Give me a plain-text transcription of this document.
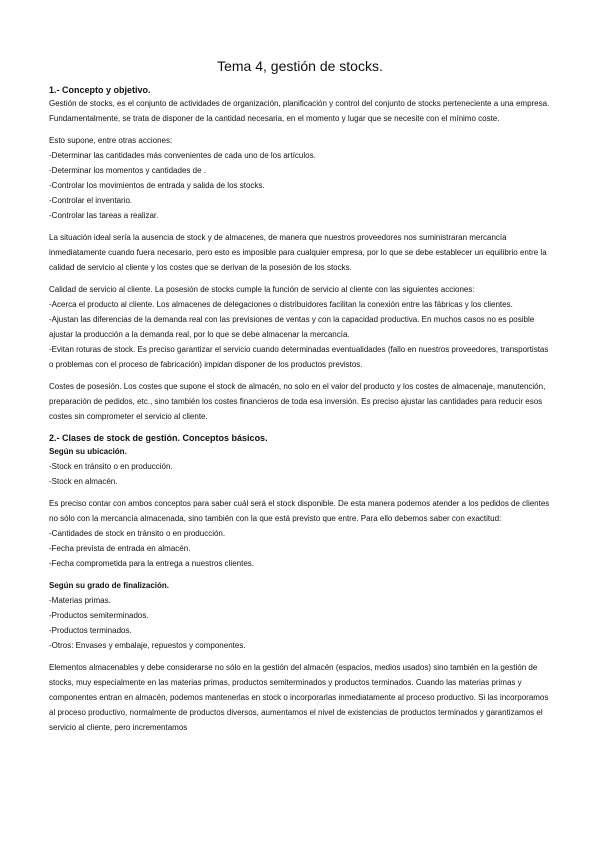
Tema 4, gestión de stocks.
1.- Concepto y objetivo.

Gestión de stocks, es el conjunto de actividades de organización, planificación y control del conjunto de stocks perteneciente a una empresa. Fundamentalmente, se trata de disponer de la cantidad necesaria, en el momento y lugar que se necesite con el mínimo coste.

Esto supone, entre otras acciones:

-Determinar las cantidades más convenientes de cada uno de los artículos.
-Determinar los momentos y cantidades de .
-Controlar los movimientos de entrada y salida de los stocks.
-Controlar el inventario.
-Controlar las tareas a realizar.

La situación ideal sería la ausencia de stock y de almacenes, de manera que nuestros proveedores nos suministraran mercancía inmediatamente cuando fuera necesario, pero esto es imposible para cualquier empresa, por lo que se debe establecer un equilibrio entre la calidad de servicio al cliente y los costes que se derivan de la posesión de los stocks.

Calidad de servicio al cliente. La posesión de stocks cumple la función de servicio al cliente con las siguientes acciones:

-Acerca el producto al cliente. Los almacenes de delegaciones o distribuidores facilitan la conexión entre las fábricas y los clientes.

-Ajustan las diferencias de la demanda real con las previsiones de ventas y con la capacidad productiva. En muchos casos no es posible ajustar la producción a la demanda real, por lo que se debe almacenar la mercancía.

-Evitan roturas de stock. Es preciso garantizar el servicio cuando determinadas eventualidades (fallo en nuestros proveedores, transportistas o problemas con el proceso de fabricación) impidan disponer de los productos previstos.

Costes de posesión. Los costes que supone el stock de almacén, no solo en el valor del producto y los costes de almacenaje, manutención, preparación de pedidos, etc., sino también los costes financieros de toda esa inversión. Es preciso ajustar las cantidades para reducir esos costes sin comprometer el servicio al cliente.

2.- Clases de stock de gestión. Conceptos básicos.
Según su ubicación.
-Stock en tránsito o en producción.
-Stock en almacén.

Es preciso contar con ambos conceptos para saber cuál será el stock disponible. De esta manera podemos atender a los pedidos de clientes no sólo con la mercancía almacenada, sino también con la que está previsto que entre. Para ello debemos saber con exactitud:

-Cantidades de stock en tránsito o en producción.
-Fecha prevista de entrada en almacén.
-Fecha comprometida para la entrega a nuestros clientes.
Según su grado de finalización.
-Materias primas.
-Productos semiterminados.
-Productos terminados.
-Otros: Envases y embalaje, repuestos y componentes.

Elementos almacenables y debe considerarse no sólo en la gestión del almacén (espacios, medios usados) sino también en la gestión de stocks, muy especialmente en las materias primas, productos semiterminados y productos terminados. Cuando las materias primas y componentes entran en almacén, podemos mantenerlas en stock o incorporarlas inmediatamente al proceso productivo. Si las incorporamos al proceso productivo, normalmente de productos diversos, aumentamos el nivel de existencias de productos terminados y garantizamos el servicio al cliente, pero incrementamos
